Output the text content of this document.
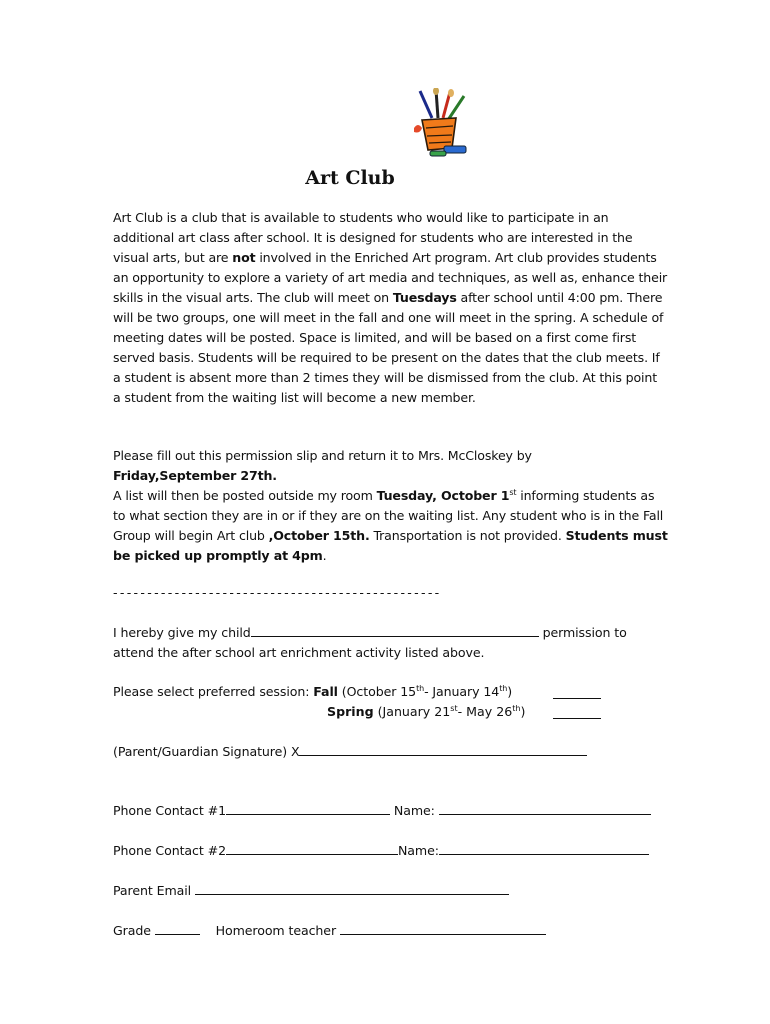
Art Club
Art Club is a club that is available to students who would like to participate in an additional art class after school. It is designed for students who are interested in the visual arts, but are not involved in the Enriched Art program. Art club provides students an opportunity to explore a variety of art media and techniques, as well as, enhance their skills in the visual arts. The club will meet on Tuesdays after school until 4:00 pm. There will be two groups, one will meet in the fall and one will meet in the spring. A schedule of meeting dates will be posted. Space is limited, and will be based on a first come first served basis. Students will be required to be present on the dates that the club meets. If a student is absent more than 2 times they will be dismissed from the club. At this point a student from the waiting list will become a new member.
Please fill out this permission slip and return it to Mrs. McCloskey by
Friday,September 27th.
A list will then be posted outside my room Tuesday, October 1st informing students as to what section they are in or if they are on the waiting list. Any student who is in the Fall Group will begin Art club ,October 15th. Transportation is not provided. Students must be picked up promptly at 4pm.
------------------------------------------------
I hereby give my child	permission to
attend the after school art enrichment activity listed above.
Please select preferred session: Fall (October 15th- January 14th)
Spring (January 21st- May 26th)
(Parent/Guardian Signature) X
Phone Contact #1	Name:
Phone Contact #2	Name:
Parent Email
Grade	Homeroom teacher
